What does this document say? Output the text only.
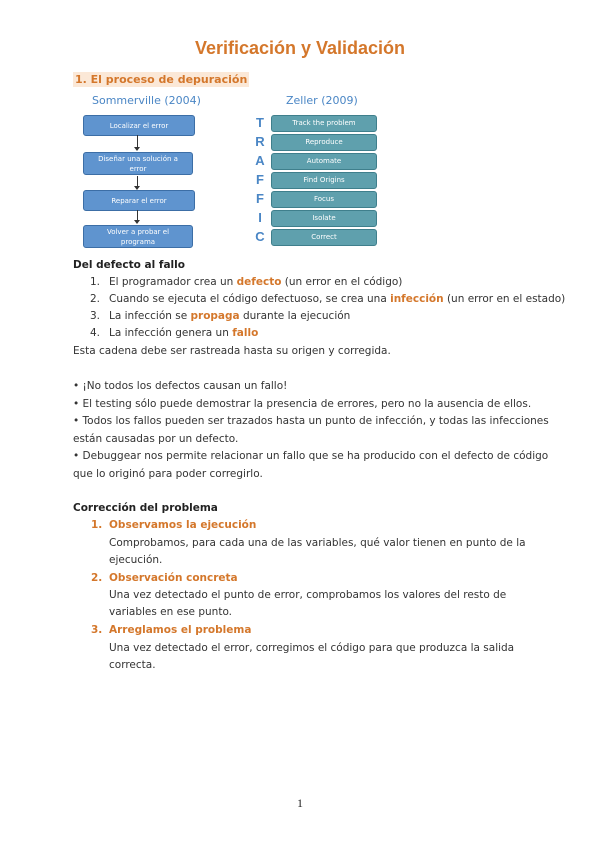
Verificación y Validación
1. El proceso de depuración
Sommerville (2004)
Localizar el error
Diseñar una solución a error
Reparar el error
Volver a probar el programa
Zeller (2009)
T
R
A
F
F
I
C
Track the problem
Reproduce
Automate
Find Origins
Focus
Isolate
Correct
Del defecto al fallo
1. El programador crea un defecto (un error en el código)
2. Cuando se ejecuta el código defectuoso, se crea una infección (un error en el estado)
3. La infección se propaga durante la ejecución
4. La infección genera un fallo
Esta cadena debe ser rastreada hasta su origen y corregida.
• ¡No todos los defectos causan un fallo!
• El testing sólo puede demostrar la presencia de errores, pero no la ausencia de ellos.
• Todos los fallos pueden ser trazados hasta un punto de infección, y todas las infecciones
están causadas por un defecto.
• Debuggear nos permite relacionar un fallo que se ha producido con el defecto de código
que lo originó para poder corregirlo.
Corrección del problema
1. Observamos la ejecución
Comprobamos, para cada una de las variables, qué valor tienen en punto de la
ejecución.
2. Observación concreta
Una vez detectado el punto de error, comprobamos los valores del resto de
variables en ese punto.
3. Arreglamos el problema
Una vez detectado el error, corregimos el código para que produzca la salida
correcta.
1
